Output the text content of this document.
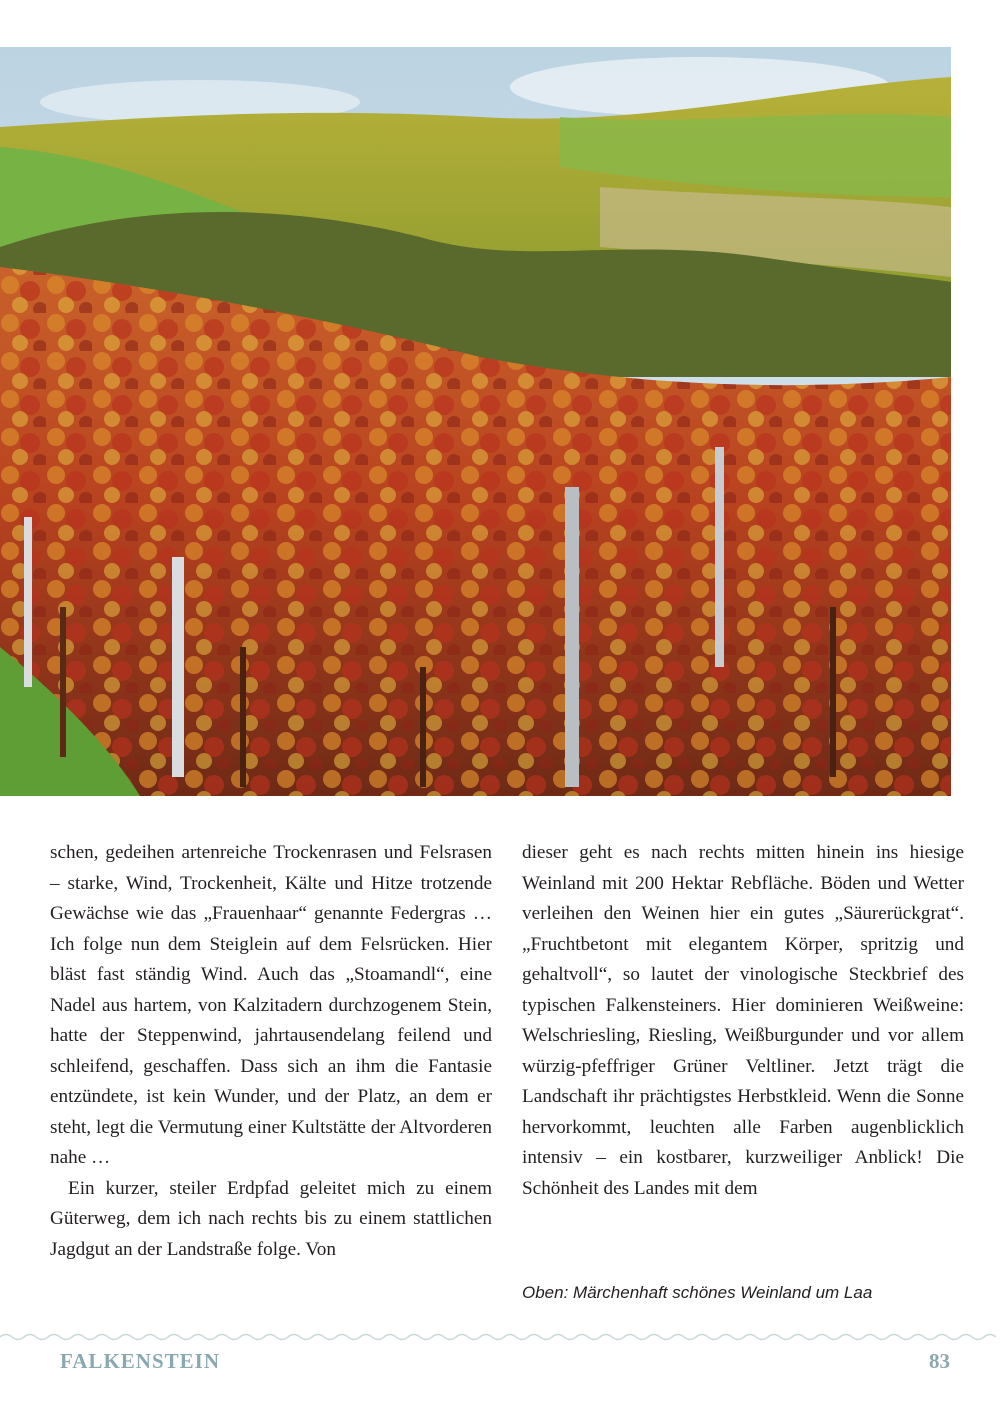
schen, gedeihen artenreiche Trockenrasen und Felsrasen – starke, Wind, Trockenheit, Kälte und Hitze trotzende Gewächse wie das „Frauenhaar“ genannte Federgras … Ich folge nun dem Steiglein auf dem Felsrücken. Hier bläst fast ständig Wind. Auch das „Stoamandl“, eine Nadel aus hartem, von Kalzitadern durchzogenem Stein, hatte der Steppenwind, jahrtausendelang feilend und schleifend, geschaffen. Dass sich an ihm die Fantasie entzündete, ist kein Wunder, und der Platz, an dem er steht, legt die Vermutung einer Kultstätte der Altvorderen nahe …

Ein kurzer, steiler Erdpfad geleitet mich zu einem Güterweg, dem ich nach rechts bis zu einem stattlichen Jagdgut an der Landstraße folge. Von

dieser geht es nach rechts mitten hinein ins hiesige Weinland mit 200 Hektar Rebfläche. Böden und Wetter verleihen den Weinen hier ein gutes „Säurerückgrat“. „Fruchtbetont mit elegantem Körper, spritzig und gehaltvoll“, so lautet der vinologische Steckbrief des typischen Falkensteiners. Hier dominieren Weißweine: Welschriesling, Riesling, Weißburgunder und vor allem würzig-pfeffriger Grüner Veltliner. Jetzt trägt die Landschaft ihr prächtigstes Herbstkleid. Wenn die Sonne hervorkommt, leuchten alle Farben augenblicklich intensiv – ein kostbarer, kurzweiliger Anblick! Die Schönheit des Landes mit dem

Oben: Märchenhaft schönes Weinland um Laa
FALKENSTEIN	83
